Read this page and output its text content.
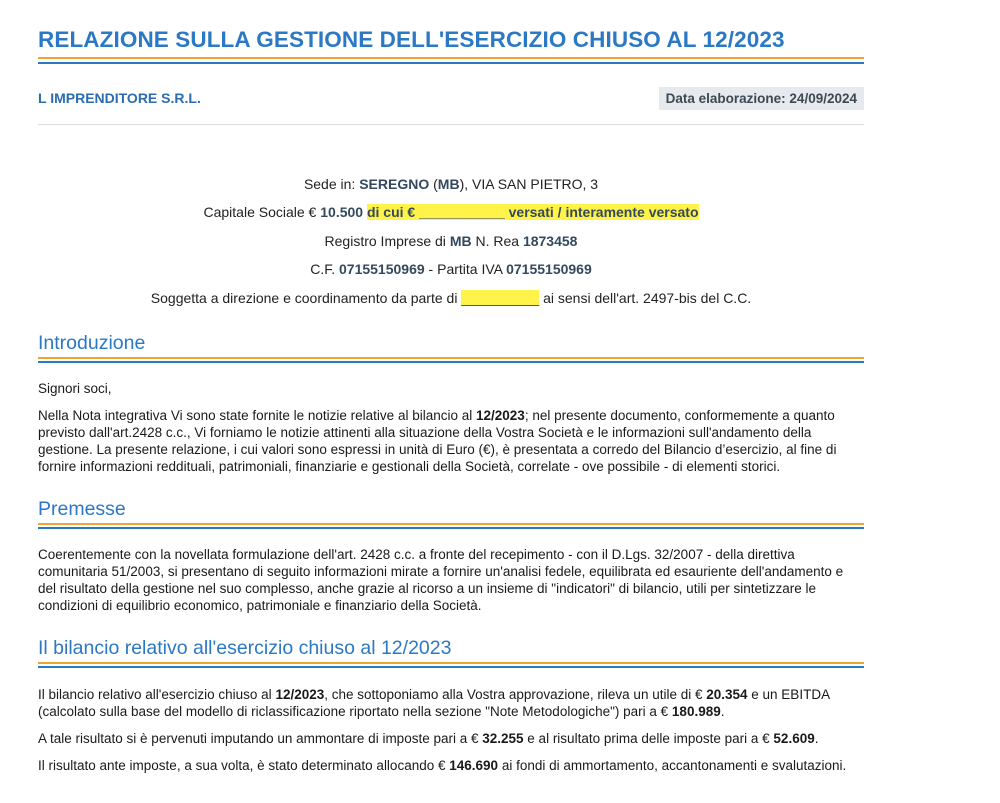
RELAZIONE SULLA GESTIONE DELL'ESERCIZIO CHIUSO AL 12/2023
L IMPRENDITORE S.R.L.	Data elaborazione: 24/09/2024
Sede in: SEREGNO (MB), VIA SAN PIETRO, 3
Capitale Sociale € 10.500 di cui € ___________ versati / interamente versato
Registro Imprese di MB N. Rea 1873458
C.F. 07155150969 - Partita IVA 07155150969
Soggetta a direzione e coordinamento da parte di __________ ai sensi dell'art. 2497-bis del C.C.
Introduzione
Signori soci,
Nella Nota integrativa Vi sono state fornite le notizie relative al bilancio al 12/2023; nel presente documento, conformemente a quanto previsto dall'art.2428 c.c., Vi forniamo le notizie attinenti alla situazione della Vostra Società e le informazioni sull'andamento della gestione. La presente relazione, i cui valori sono espressi in unità di Euro (€), è presentata a corredo del Bilancio d’esercizio, al fine di fornire informazioni reddituali, patrimoniali, finanziarie e gestionali della Società, correlate - ove possibile - di elementi storici.
Premesse
Coerentemente con la novellata formulazione dell'art. 2428 c.c. a fronte del recepimento - con il D.Lgs. 32/2007 - della direttiva comunitaria 51/2003, si presentano di seguito informazioni mirate a fornire un'analisi fedele, equilibrata ed esauriente dell'andamento e del risultato della gestione nel suo complesso, anche grazie al ricorso a un insieme di "indicatori" di bilancio, utili per sintetizzare le condizioni di equilibrio economico, patrimoniale e finanziario della Società.
Il bilancio relativo all'esercizio chiuso al 12/2023
Il bilancio relativo all'esercizio chiuso al 12/2023, che sottoponiamo alla Vostra approvazione, rileva un utile di € 20.354 e un EBITDA (calcolato sulla base del modello di riclassificazione riportato nella sezione "Note Metodologiche") pari a € 180.989.
A tale risultato si è pervenuti imputando un ammontare di imposte pari a € 32.255 e al risultato prima delle imposte pari a € 52.609.
Il risultato ante imposte, a sua volta, è stato determinato allocando € 146.690 ai fondi di ammortamento, accantonamenti e svalutazioni.
